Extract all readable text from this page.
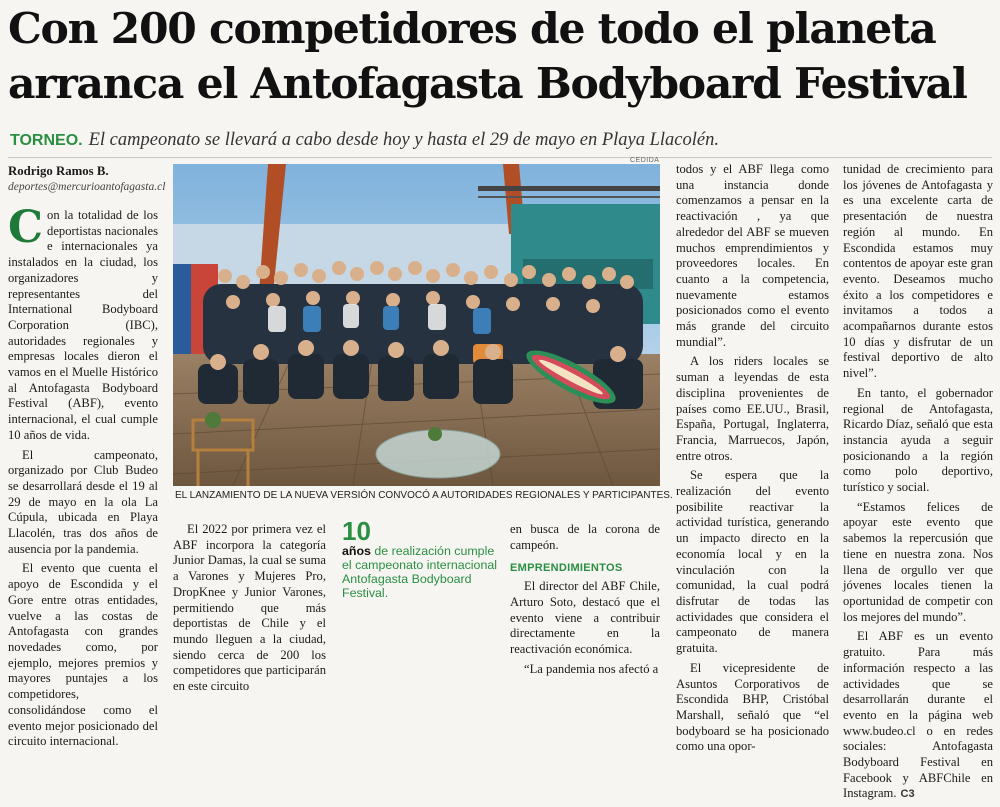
Con 200 competidores de todo el planeta
arranca el Antofagasta Bodyboard Festival
TORNEO. El campeonato se llevará a cabo desde hoy y hasta el 29 de mayo en Playa Llacolén.
Rodrigo Ramos B.
deportes@mercurioantofagasta.cl

Con la totalidad de los deportistas nacionales e internacionales ya instalados en la ciudad, los organizadores y representantes del International Bodyboard Corporation (IBC), autoridades regionales y empresas locales dieron el vamos en el Muelle Histórico al Antofagasta Bodyboard Festival (ABF), evento internacional, el cual cumple 10 años de vida.

El campeonato, organizado por Club Budeo se desarrollará desde el 19 al 29 de mayo en la ola La Cúpula, ubicada en Playa Llacolén, tras dos años de ausencia por la pandemia.

El evento que cuenta el apoyo de Escondida y el Gore entre otras entidades, vuelve a las costas de Antofagasta con grandes novedades como, por ejemplo, mejores premios y mayores puntajes a los competidores, consolidándose como el evento mejor posicionado del circuito internacional.

CEDIDA
EL LANZAMIENTO DE LA NUEVA VERSIÓN CONVOCÓ A AUTORIDADES REGIONALES Y PARTICIPANTES.

El 2022 por primera vez el ABF incorpora la categoría Junior Damas, la cual se suma a Varones y Mujeres Pro, DropKnee y Junior Varones, permitiendo que más deportistas de Chile y el mundo lleguen a la ciudad, siendo cerca de 200 los competidores que participarán en este circuito

10
años de realización cumple el campeonato internacional Antofagasta Bodyboard Festival.

en busca de la corona de campeón.

EMPRENDIMIENTOS

El director del ABF Chile, Arturo Soto, destacó que el evento viene a contribuir directamente en la reactivación económica.

“La pandemia nos afectó a

todos y el ABF llega como una instancia donde comenzamos a pensar en la reactivación , ya que alrededor del ABF se mueven muchos emprendimientos y proveedores locales. En cuanto a la competencia, nuevamente estamos posicionados como el evento más grande del circuito mundial”.

A los riders locales se suman a leyendas de esta disciplina provenientes de países como EE.UU., Brasil, España, Portugal, Inglaterra, Francia, Marruecos, Japón, entre otros.

Se espera que la realización del evento posibilite reactivar la actividad turística, generando un impacto directo en la economía local y en la vinculación con la comunidad, la cual podrá disfrutar de todas las actividades que considera el campeonato de manera gratuita.

El vicepresidente de Asuntos Corporativos de Escondida BHP, Cristóbal Marshall, señaló que “el bodyboard se ha posicionado como una opor-

tunidad de crecimiento para los jóvenes de Antofagasta y es una excelente carta de presentación de nuestra región al mundo. En Escondida estamos muy contentos de apoyar este gran evento. Deseamos mucho éxito a los competidores e invitamos a todos a acompañarnos durante estos 10 días y disfrutar de un festival deportivo de alto nivel”.

En tanto, el gobernador regional de Antofagasta, Ricardo Díaz, señaló que esta instancia ayuda a seguir posicionando a la región como polo deportivo, turístico y social.

“Estamos felices de apoyar este evento que sabemos la repercusión que tiene en nuestra zona. Nos llena de orgullo ver que jóvenes locales tienen la oportunidad de competir con los mejores del mundo”.

El ABF es un evento gratuito. Para más información respecto a las actividades que se desarrollarán durante el evento en la página web www.budeo.cl o en redes sociales: Antofagasta Bodyboard Festival en Facebook y ABFChile en Instagram. C3
